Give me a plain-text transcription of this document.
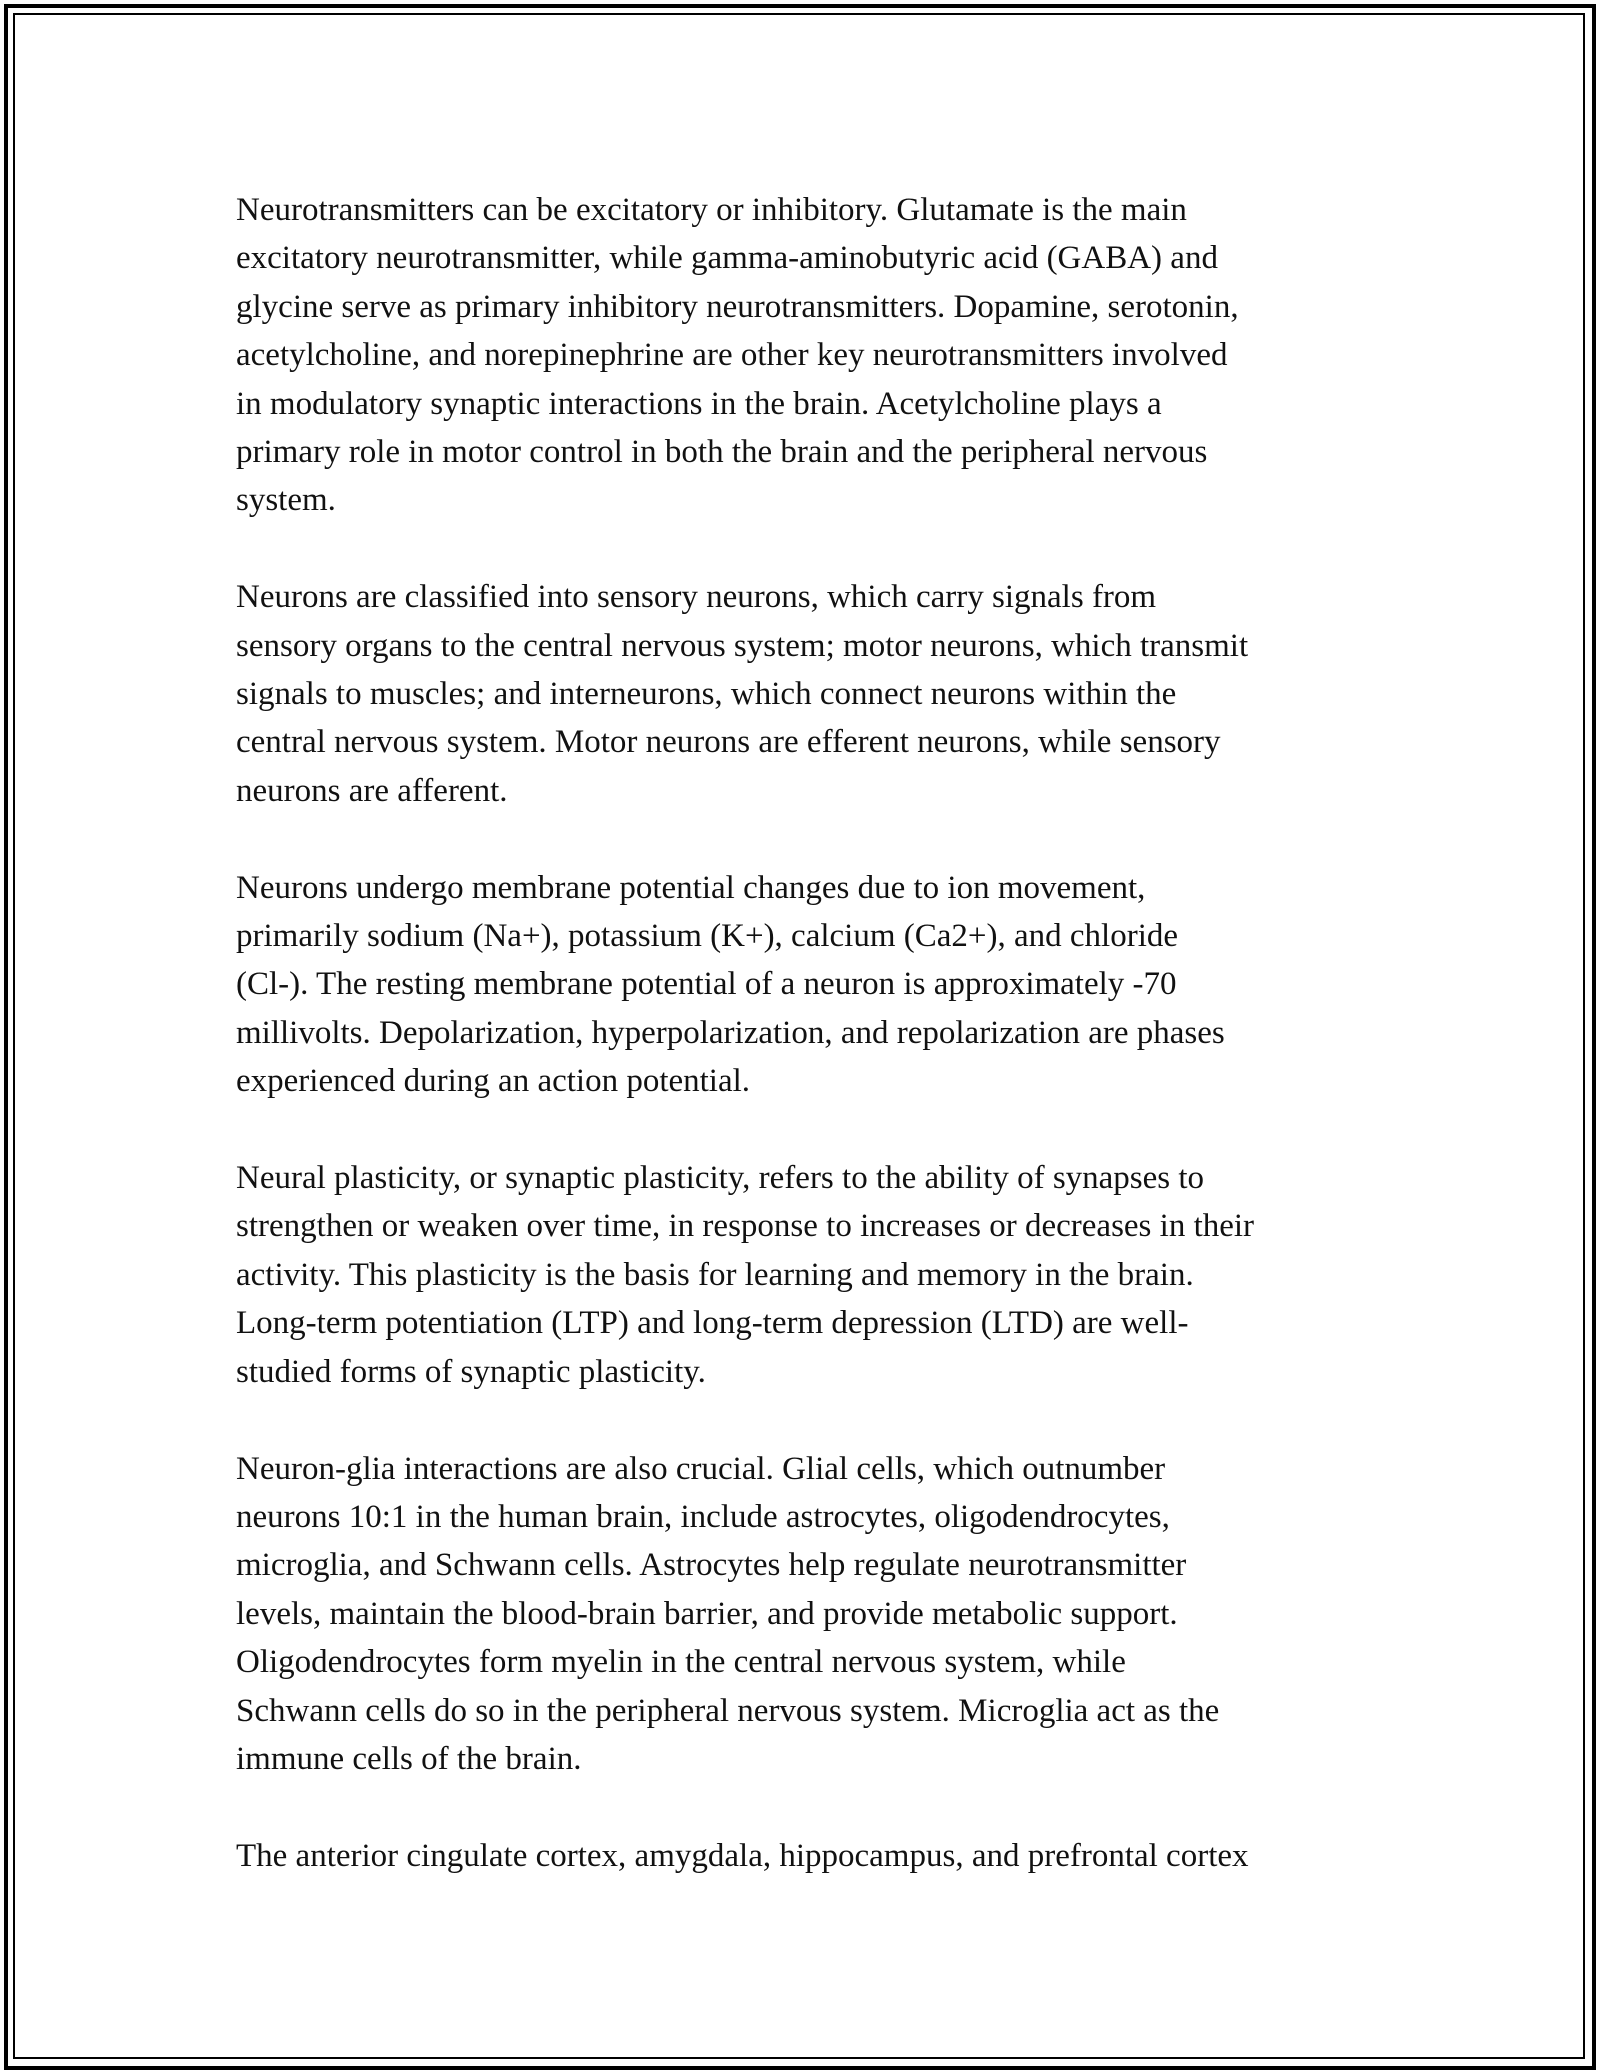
Neurotransmitters can be excitatory or inhibitory. Glutamate is the main
excitatory neurotransmitter, while gamma-aminobutyric acid (GABA) and
glycine serve as primary inhibitory neurotransmitters. Dopamine, serotonin,
acetylcholine, and norepinephrine are other key neurotransmitters involved
in modulatory synaptic interactions in the brain. Acetylcholine plays a
primary role in motor control in both the brain and the peripheral nervous
system.

Neurons are classified into sensory neurons, which carry signals from
sensory organs to the central nervous system; motor neurons, which transmit
signals to muscles; and interneurons, which connect neurons within the
central nervous system. Motor neurons are efferent neurons, while sensory
neurons are afferent.

Neurons undergo membrane potential changes due to ion movement,
primarily sodium (Na+), potassium (K+), calcium (Ca2+), and chloride
(Cl-). The resting membrane potential of a neuron is approximately -70
millivolts. Depolarization, hyperpolarization, and repolarization are phases
experienced during an action potential.

Neural plasticity, or synaptic plasticity, refers to the ability of synapses to
strengthen or weaken over time, in response to increases or decreases in their
activity. This plasticity is the basis for learning and memory in the brain.
Long-term potentiation (LTP) and long-term depression (LTD) are well-
studied forms of synaptic plasticity.

Neuron-glia interactions are also crucial. Glial cells, which outnumber
neurons 10:1 in the human brain, include astrocytes, oligodendrocytes,
microglia, and Schwann cells. Astrocytes help regulate neurotransmitter
levels, maintain the blood-brain barrier, and provide metabolic support.
Oligodendrocytes form myelin in the central nervous system, while
Schwann cells do so in the peripheral nervous system. Microglia act as the
immune cells of the brain.

The anterior cingulate cortex, amygdala, hippocampus, and prefrontal cortex
